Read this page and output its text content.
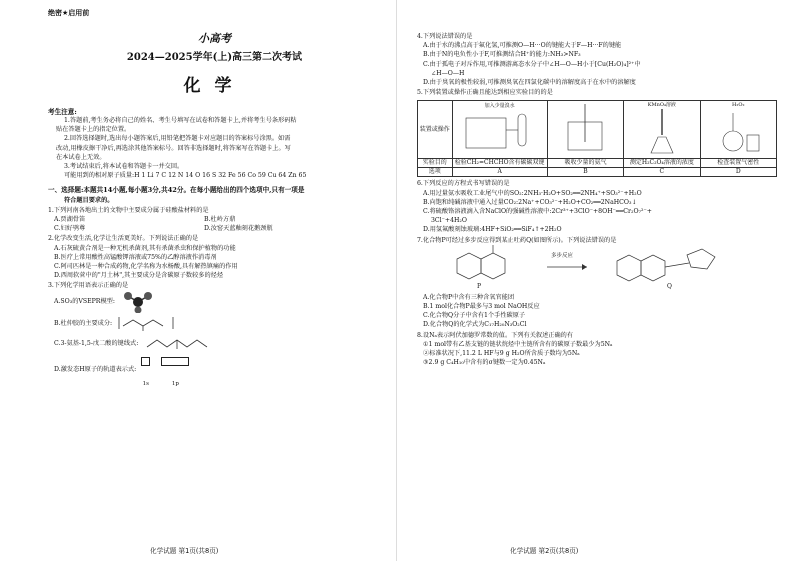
绝密★启用前
小高考
2024—2025学年(上)高三第二次考试
化学
考生注意:
1.答题前,考生务必将自己的姓名、考生号填写在试卷和答题卡上,并将考生号条形码粘
贴在答题卡上的指定位置。
2.回答选择题时,选出每小题答案后,用铅笔把答题卡对应题目的答案标号涂黑。如需
改动,用橡皮擦干净后,再选涂其他答案标号。回答非选择题时,将答案写在答题卡上。写
在本试卷上无效。
3.考试结束后,将本试卷和答题卡一并交回。
可能用到的相对原子质量:H 1 Li 7 C 12 N 14 O 16 S 32 Fe 56 Co 59 Cu 64 Zn 65
一、选择题:本题共14小题,每小题3分,共42分。在每小题给出的四个选项中,只有一项是
符合题目要求的。
1.下列河南各地出土的文物中主要成分属于硅酸盐材料的是
A.贾湖骨笛	B.杜岭方鼎
C.妇好鸮尊	D.汝窑天蓝釉刻花鹅颈瓶
2.化学改变生活,化学让生活更美好。下列说法正确的是
A.石灰硫黄合剂是一种无机杀菌剂,其有杀菌杀虫和保护植物的功能
B.医疗上常用酸性高锰酸钾溶液或75%的乙醇溶液作消毒剂
C.阿司匹林是一种合成药物,化学名称为水杨酸,具有解热镇痛的作用
D.西周软菅中的"月土林",其主要成分是含碳原子数较多的烃烃
3.下列化学用语表示正确的是
A.SO₃的VSEPR模型:
B.杜仲胶的主要成分:
C.3-氨基-1,5-戊二酸的键线式:
D.激发态H原子的轨道表示式:
1s	1p
化学试题 第1页(共8页)
4.下列说法错误的是
A.由于水的沸点高于氟化氢,可推测O—H···O的键能大于F—H···F的键能
B.由于N的电负性小于F,可推测结合H⁺的能力:NH₃>NF₃
C.由于孤电子对斥作用,可推测游离态水分子中∠H—O—H小于[Cu(H₂O)₄]²⁺中
∠H—O—H
D.由于臭氧的极性较弱,可推测臭氧在四氯化碳中的溶解度高于在水中的溶解度
5.下列装置或操作正确且能达到相应实验目的的是
装置或操作	加入少量溴水		KMnO₄溶液	H₂O₂

实验目的	检验CH₂=CHCHO含有碳碳双键	吸收少量的氨气	测定H₂C₂O₄溶液的浓度	检查装置气密性
选项	A	B	C	D
6.下列反应的方程式书写错误的是
A.用过量氨水吸收工业尾气中的SO₂:2NH₃·H₂O+SO₂══2NH₄⁺+SO₃²⁻+H₂O
B.向饱和纯碱溶液中通入过量CO₂:2Na⁺+CO₃²⁻+H₂O+CO₂══2NaHCO₃↓
C.将硫酸铬溶液滴入含NaClO的强碱性溶液中:2Cr³⁺+3ClO⁻+8OH⁻══Cr₂O₇²⁻+
3Cl⁻+4H₂O
D.用氢氟酸刻蚀玻璃:4HF+SiO₂══SiF₄↑+2H₂O
7.化合物P可经过多步反应得到某止吐药Q(如图所示)。下列说法错误的是
多步反应
P	Q
A.化合物P中含有三种含氧官能团
B.1 mol化合物P最多与3 mol NaOH反应
C.化合物Q分子中含有1个手性碳原子
D.化合物Q的化学式为C₁₇H₂₀N₃O₂Cl
8.设Nₐ表示阿伏加德罗常数的值。下列有关叙述正确的有
①1 mol带有乙基支链的链状烷烃中主链所含有的碳原子数最少为5Nₐ
②标准状况下,11.2 L HF与9 g H₂O所含质子数均为5Nₐ
③2.9 g C₄H₁₀中含有的σ键数一定为0.45Nₐ
化学试题 第2页(共8页)
